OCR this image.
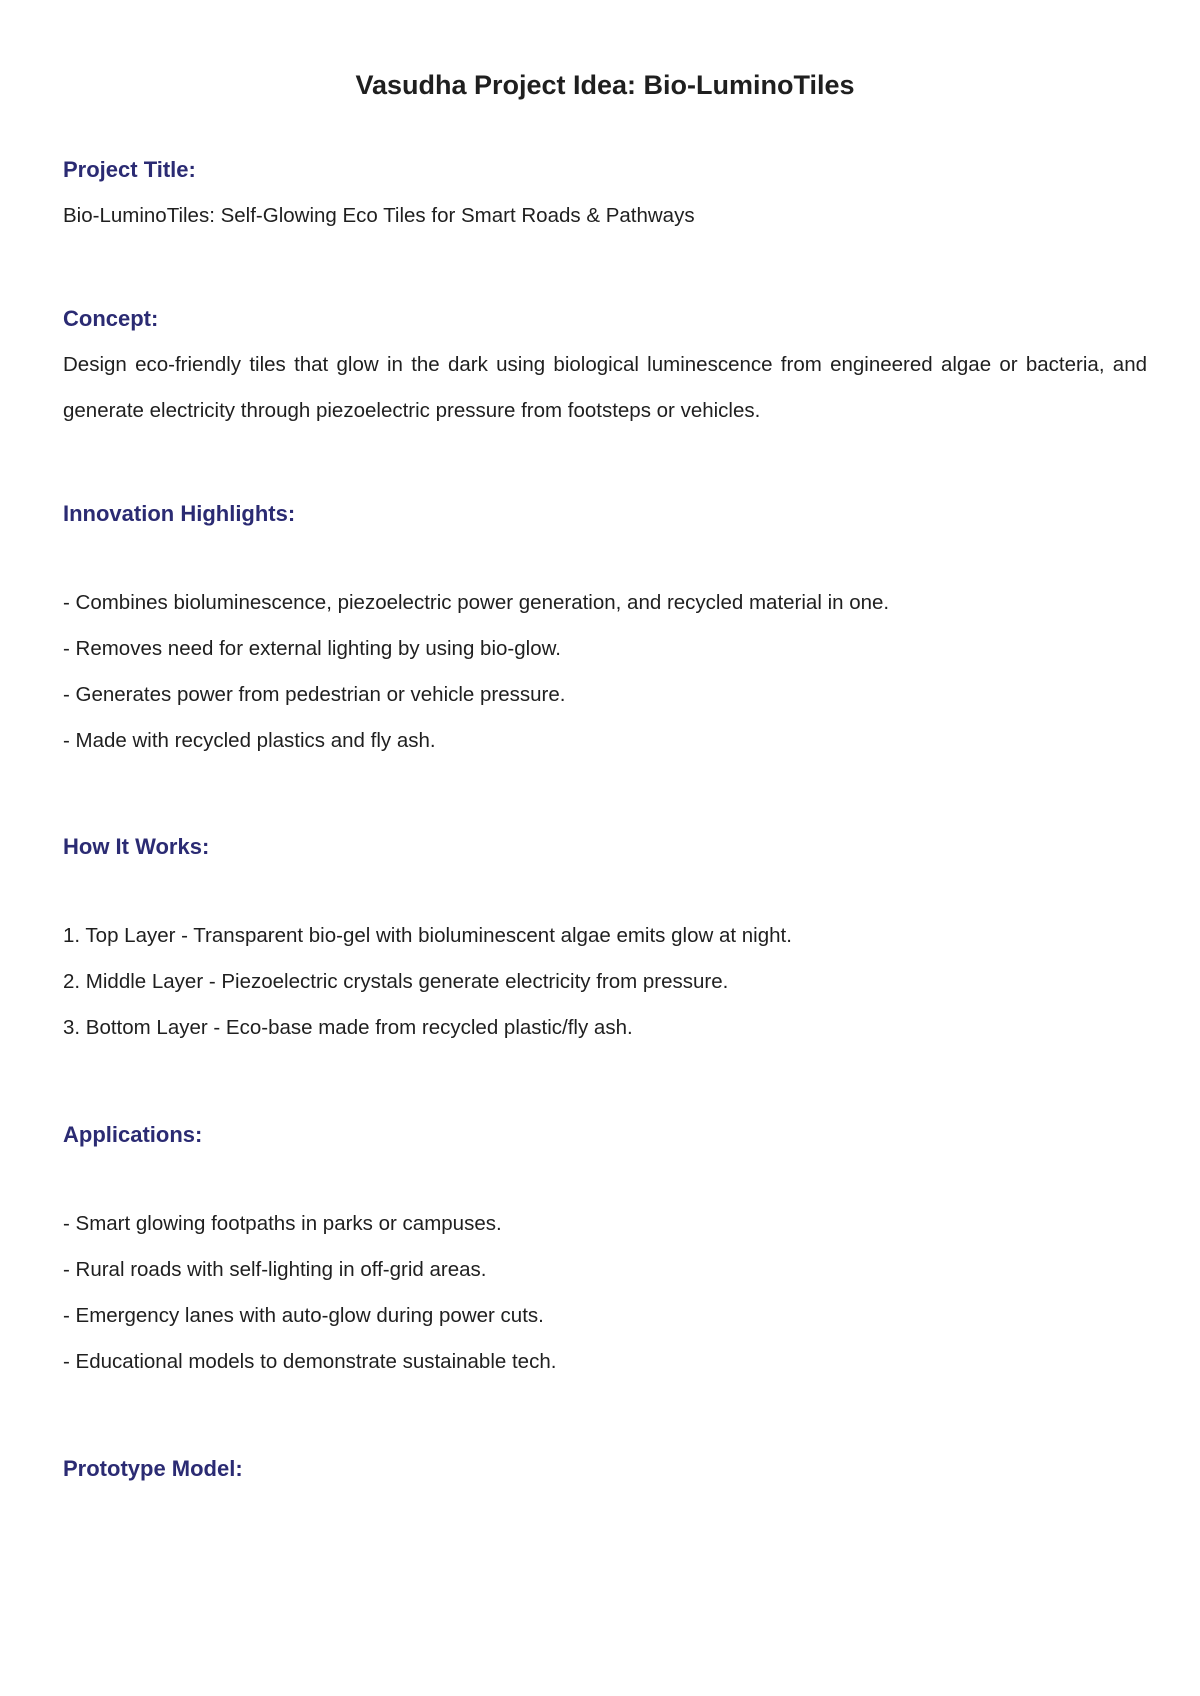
Vasudha Project Idea: Bio-LuminoTiles
Project Title:

Bio-LuminoTiles: Self-Glowing Eco Tiles for Smart Roads & Pathways

Concept:

Design eco-friendly tiles that glow in the dark using biological luminescence from engineered algae or bacteria, and generate electricity through piezoelectric pressure from footsteps or vehicles.

Innovation Highlights:
- Combines bioluminescence, piezoelectric power generation, and recycled material in one.
- Removes need for external lighting by using bio-glow.
- Generates power from pedestrian or vehicle pressure.
- Made with recycled plastics and fly ash.
How It Works:
1. Top Layer - Transparent bio-gel with bioluminescent algae emits glow at night.
2. Middle Layer - Piezoelectric crystals generate electricity from pressure.
3. Bottom Layer - Eco-base made from recycled plastic/fly ash.
Applications:
- Smart glowing footpaths in parks or campuses.
- Rural roads with self-lighting in off-grid areas.
- Emergency lanes with auto-glow during power cuts.
- Educational models to demonstrate sustainable tech.
Prototype Model:
